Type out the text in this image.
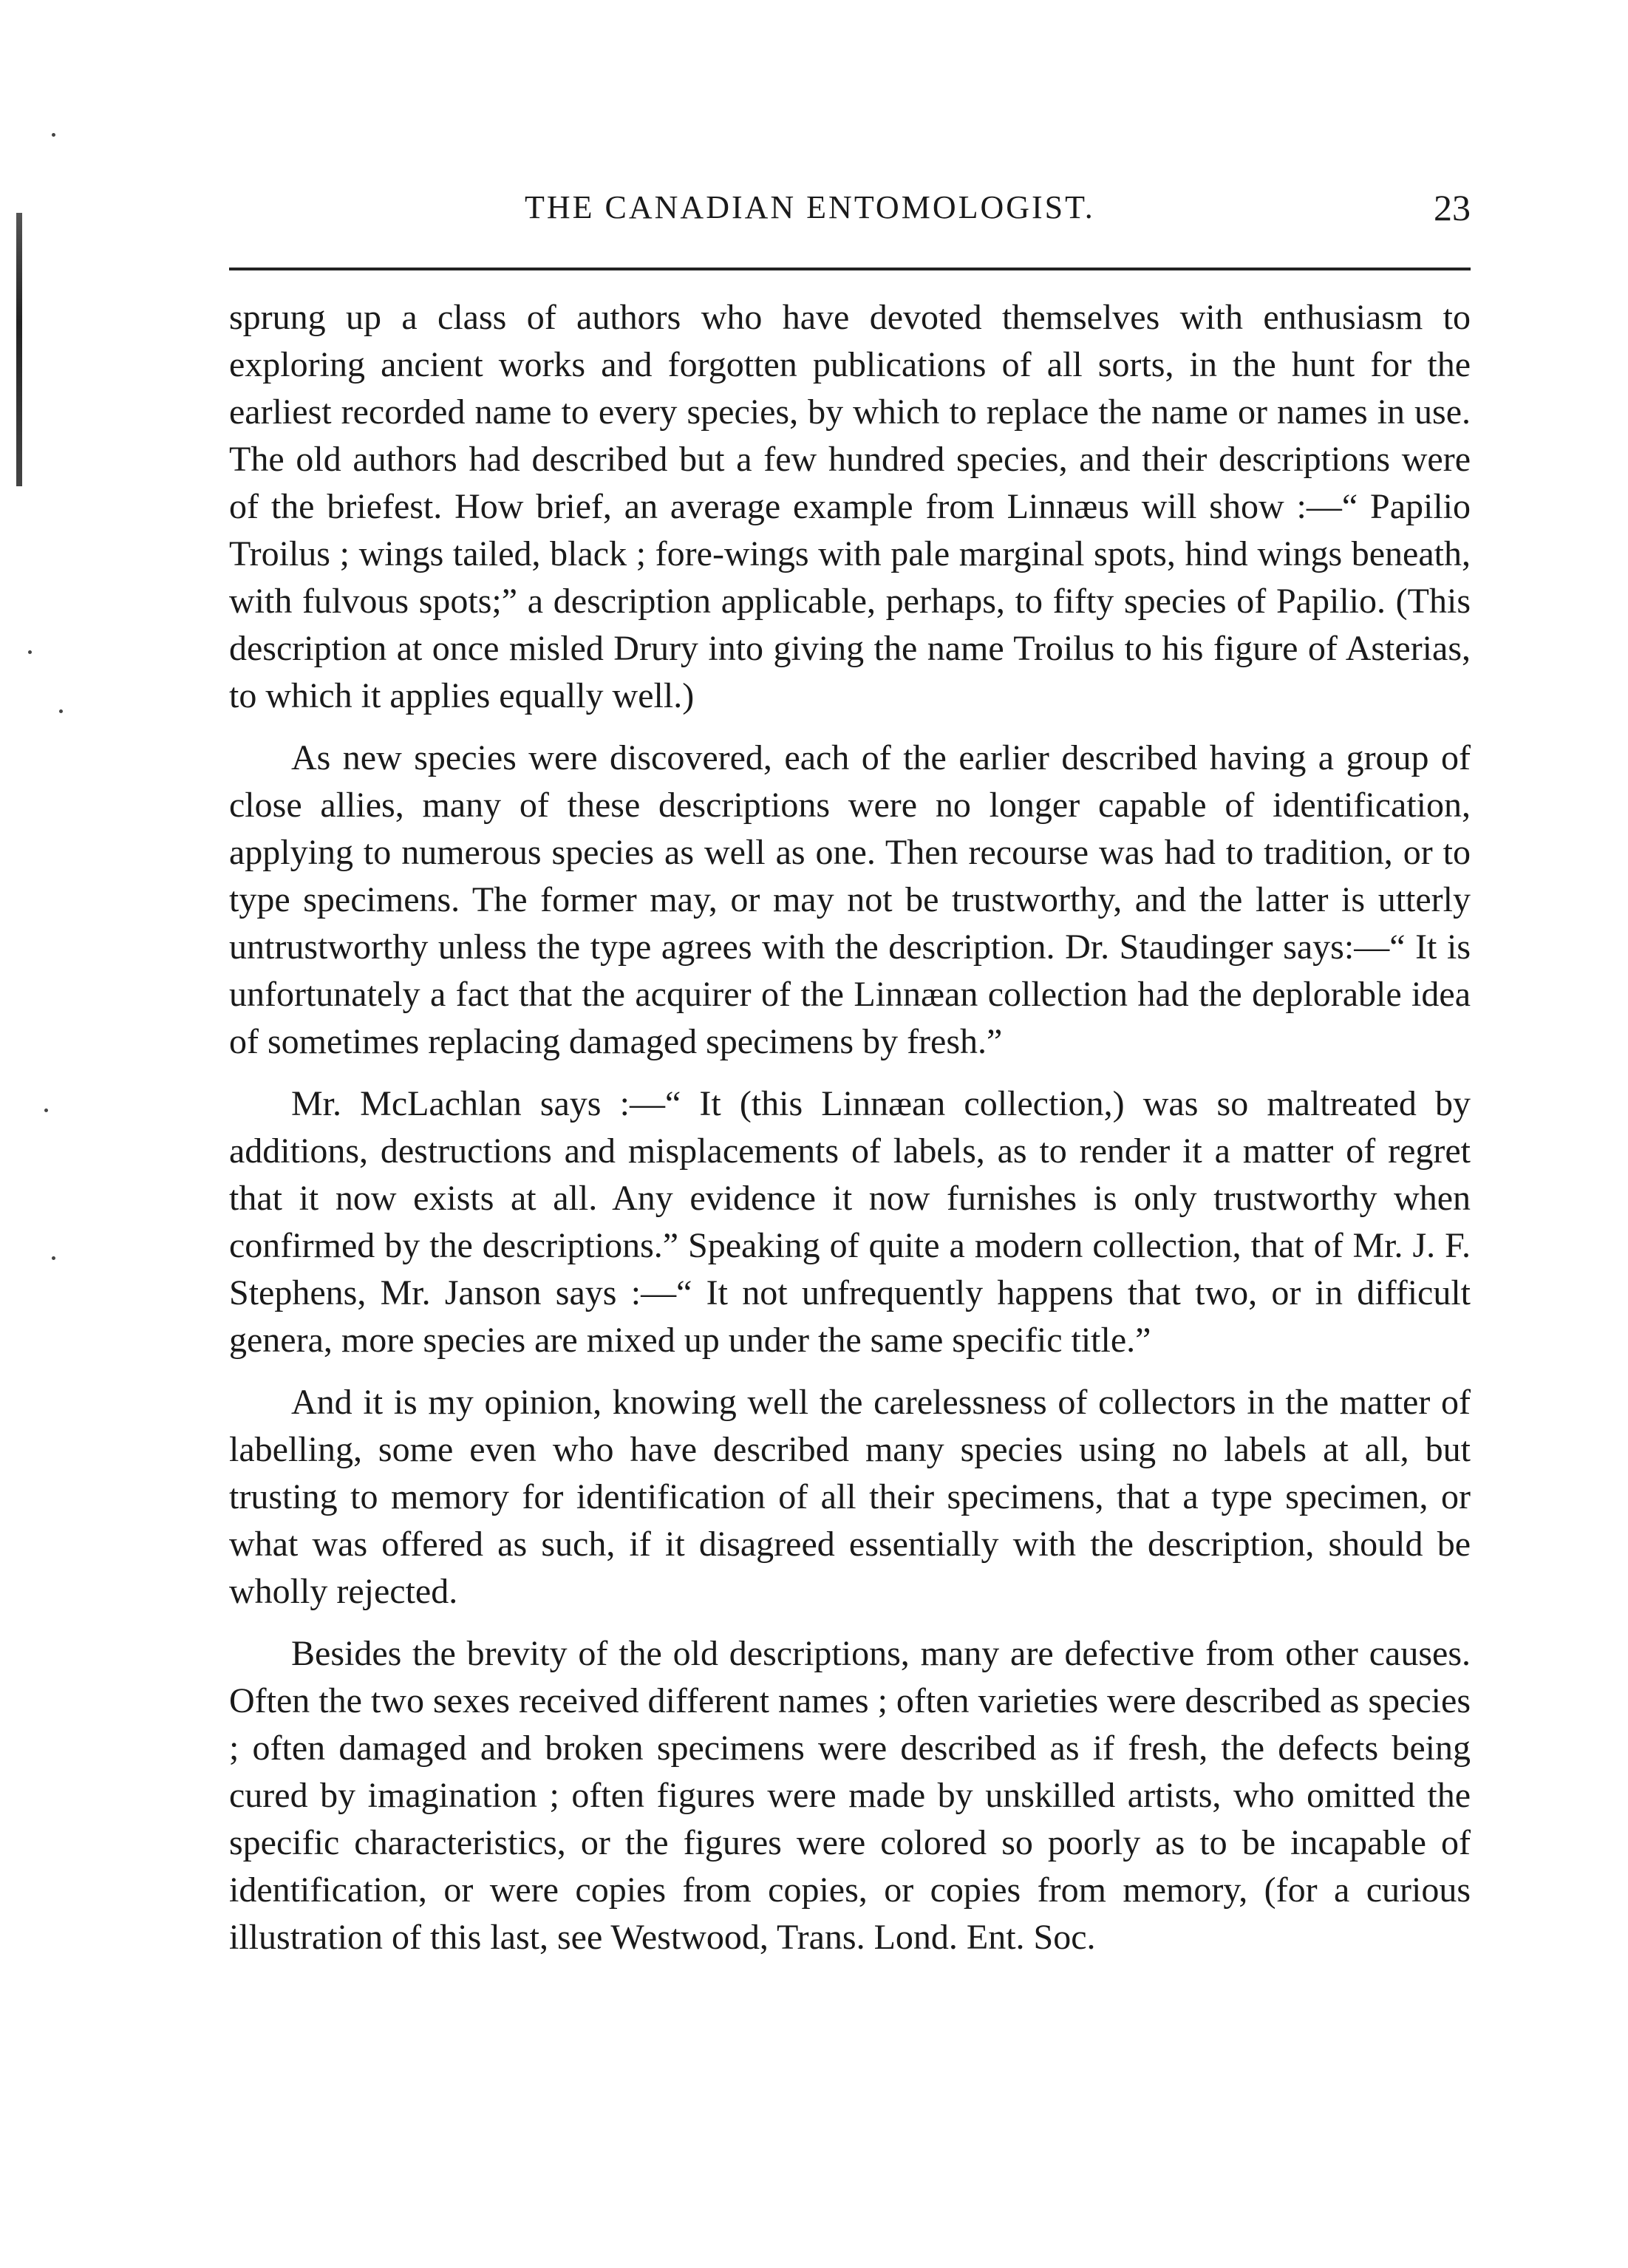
THE CANADIAN ENTOMOLOGIST.	23

sprung up a class of authors who have devoted themselves with enthusiasm to exploring ancient works and forgotten publications of all sorts, in the hunt for the earliest recorded name to every species, by which to replace the name or names in use. The old authors had described but a few hundred species, and their descriptions were of the briefest. How brief, an average example from Linnæus will show :—“ Papilio Troilus ; wings tailed, black ; fore-wings with pale marginal spots, hind wings beneath, with fulvous spots;” a description applicable, perhaps, to fifty species of Papilio. (This description at once misled Drury into giving the name Troilus to his figure of Asterias, to which it applies equally well.)

As new species were discovered, each of the earlier described having a group of close allies, many of these descriptions were no longer capable of identification, applying to numerous species as well as one. Then recourse was had to tradition, or to type specimens. The former may, or may not be trustworthy, and the latter is utterly untrustworthy unless the type agrees with the description. Dr. Staudinger says:—“ It is unfortunately a fact that the acquirer of the Linnæan collection had the deplorable idea of sometimes replacing damaged specimens by fresh.”

Mr. McLachlan says :—“ It (this Linnæan collection,) was so maltreated by additions, destructions and misplacements of labels, as to render it a matter of regret that it now exists at all. Any evidence it now furnishes is only trustworthy when confirmed by the descriptions.” Speaking of quite a modern collection, that of Mr. J. F. Stephens, Mr. Janson says :—“ It not unfrequently happens that two, or in difficult genera, more species are mixed up under the same specific title.”

And it is my opinion, knowing well the carelessness of collectors in the matter of labelling, some even who have described many species using no labels at all, but trusting to memory for identification of all their specimens, that a type specimen, or what was offered as such, if it disagreed essentially with the description, should be wholly rejected.

Besides the brevity of the old descriptions, many are defective from other causes. Often the two sexes received different names ; often varieties were described as species ; often damaged and broken specimens were described as if fresh, the defects being cured by imagination ; often figures were made by unskilled artists, who omitted the specific characteristics, or the figures were colored so poorly as to be incapable of identification, or were copies from copies, or copies from memory, (for a curious illustration of this last, see Westwood, Trans. Lond. Ent. Soc.
